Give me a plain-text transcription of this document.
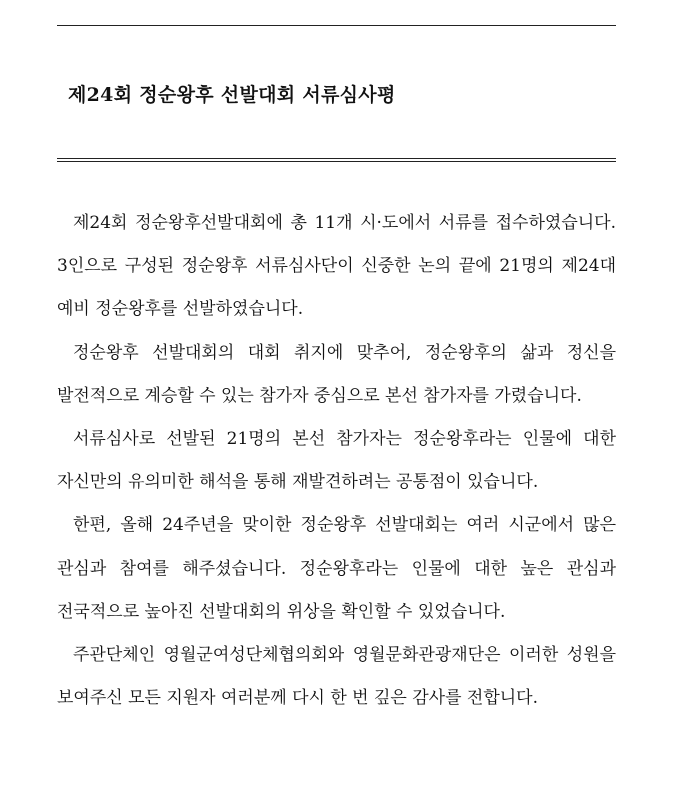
제24회 정순왕후 선발대회 서류심사평

제24회 정순왕후선발대회에 총 11개 시·도에서 서류를 접수하였습니다. 3인으로 구성된 정순왕후 서류심사단이 신중한 논의 끝에 21명의 제24대 예비 정순왕후를 선발하였습니다.

정순왕후 선발대회의 대회 취지에 맞추어, 정순왕후의 삶과 정신을 발전적으로 계승할 수 있는 참가자 중심으로 본선 참가자를 가렸습니다.

서류심사로 선발된 21명의 본선 참가자는 정순왕후라는 인물에 대한 자신만의 유의미한 해석을 통해 재발견하려는 공통점이 있습니다.

한편, 올해 24주년을 맞이한 정순왕후 선발대회는 여러 시군에서 많은 관심과 참여를 해주셨습니다. 정순왕후라는 인물에 대한 높은 관심과 전국적으로 높아진 선발대회의 위상을 확인할 수 있었습니다.

주관단체인 영월군여성단체협의회와 영월문화관광재단은 이러한 성원을 보여주신 모든 지원자 여러분께 다시 한 번 깊은 감사를 전합니다.
